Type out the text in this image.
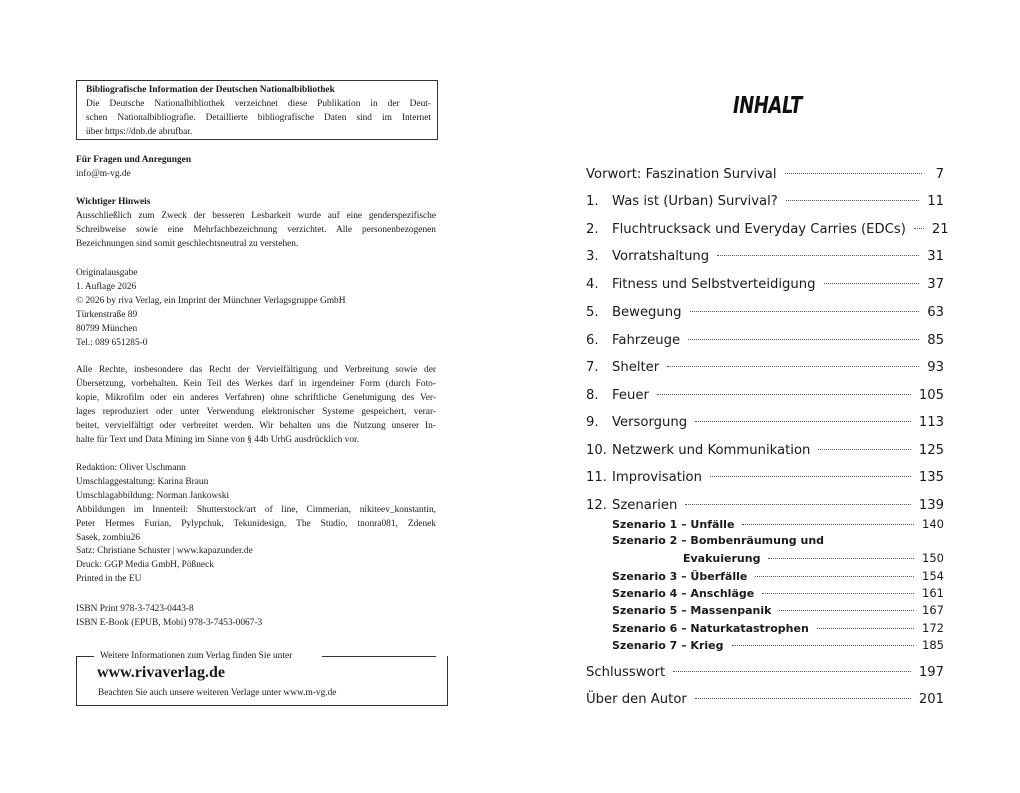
Bibliografische Information der Deutschen Nationalbibliothek
Die Deutsche Nationalbibliothek verzeichnet diese Publikation in der Deut-
schen Nationalbibliografie. Detaillierte bibliografische Daten sind im Internet
über https://dnb.de abrufbar.

Für Fragen und Anregungen

info@m-vg.de

Wichtiger Hinweis

Ausschließlich zum Zweck der besseren Lesbarkeit wurde auf eine genderspezifische

Schreibweise sowie eine Mehrfachbezeichnung verzichtet. Alle personenbezogenen

Bezeichnungen sind somit geschlechtsneutral zu verstehen.

Originalausgabe

1. Auflage 2026

© 2026 by riva Verlag, ein Imprint der Münchner Verlagsgruppe GmbH

Türkenstraße 89

80799 München

Tel.: 089 651285-0

Alle Rechte, insbesondere das Recht der Vervielfältigung und Verbreitung sowie der

Übersetzung, vorbehalten. Kein Teil des Werkes darf in irgendeiner Form (durch Foto-

kopie, Mikrofilm oder ein anderes Verfahren) ohne schriftliche Genehmigung des Ver-

lages reproduziert oder unter Verwendung elektronischer Systeme gespeichert, verar-

beitet, vervielfältigt oder verbreitet werden. Wir behalten uns die Nutzung unserer In-

halte für Text und Data Mining im Sinne von § 44b UrhG ausdrücklich vor.

Redaktion: Oliver Uschmann

Umschlaggestaltung: Karina Braun

Umschlagabbildung: Norman Jankowski

Abbildungen im Innenteil: Shutterstock/art of line, Cimmerian, nikiteev_konstantin,

Peter Hermes Furian, Pylypchuk, Tekunidesign, The Studio, tnonra081, Zdenek

Sasek, zombiu26

Satz: Christiane Schuster | www.kapazunder.de

Druck: GGP Media GmbH, Pößneck

Printed in the EU

ISBN Print 978-3-7423-0443-8

ISBN E-Book (EPUB, Mobi) 978-3-7453-0067-3

Weitere Informationen zum Verlag finden Sie unter
www.rivaverlag.de
Beachten Sie auch unsere weiteren Verlage unter www.m-vg.de
INHALT
Vorwort: Faszination Survival	7
1.	Was ist (Urban) Survival?	11
2.	Fluchtrucksack und Everyday Carries (EDCs) 21
3.	Vorratshaltung	31
4.	Fitness und Selbstverteidigung	37
5.	Bewegung	63
6.	Fahrzeuge	85
7.	Shelter	93
8.	Feuer	105
9.	Versorgung	113
10. Netzwerk und Kommunikation	125
11. Improvisation	135
12. Szenarien	139
Szenario 1 – Unfälle	140
Szenario 2 – Bombenräumung und
Evakuierung	150
Szenario 3 – Überfälle	154
Szenario 4 – Anschläge	161
Szenario 5 – Massenpanik	167
Szenario 6 – Naturkatastrophen	172
Szenario 7 – Krieg	185
Schlusswort	197
Über den Autor	201
